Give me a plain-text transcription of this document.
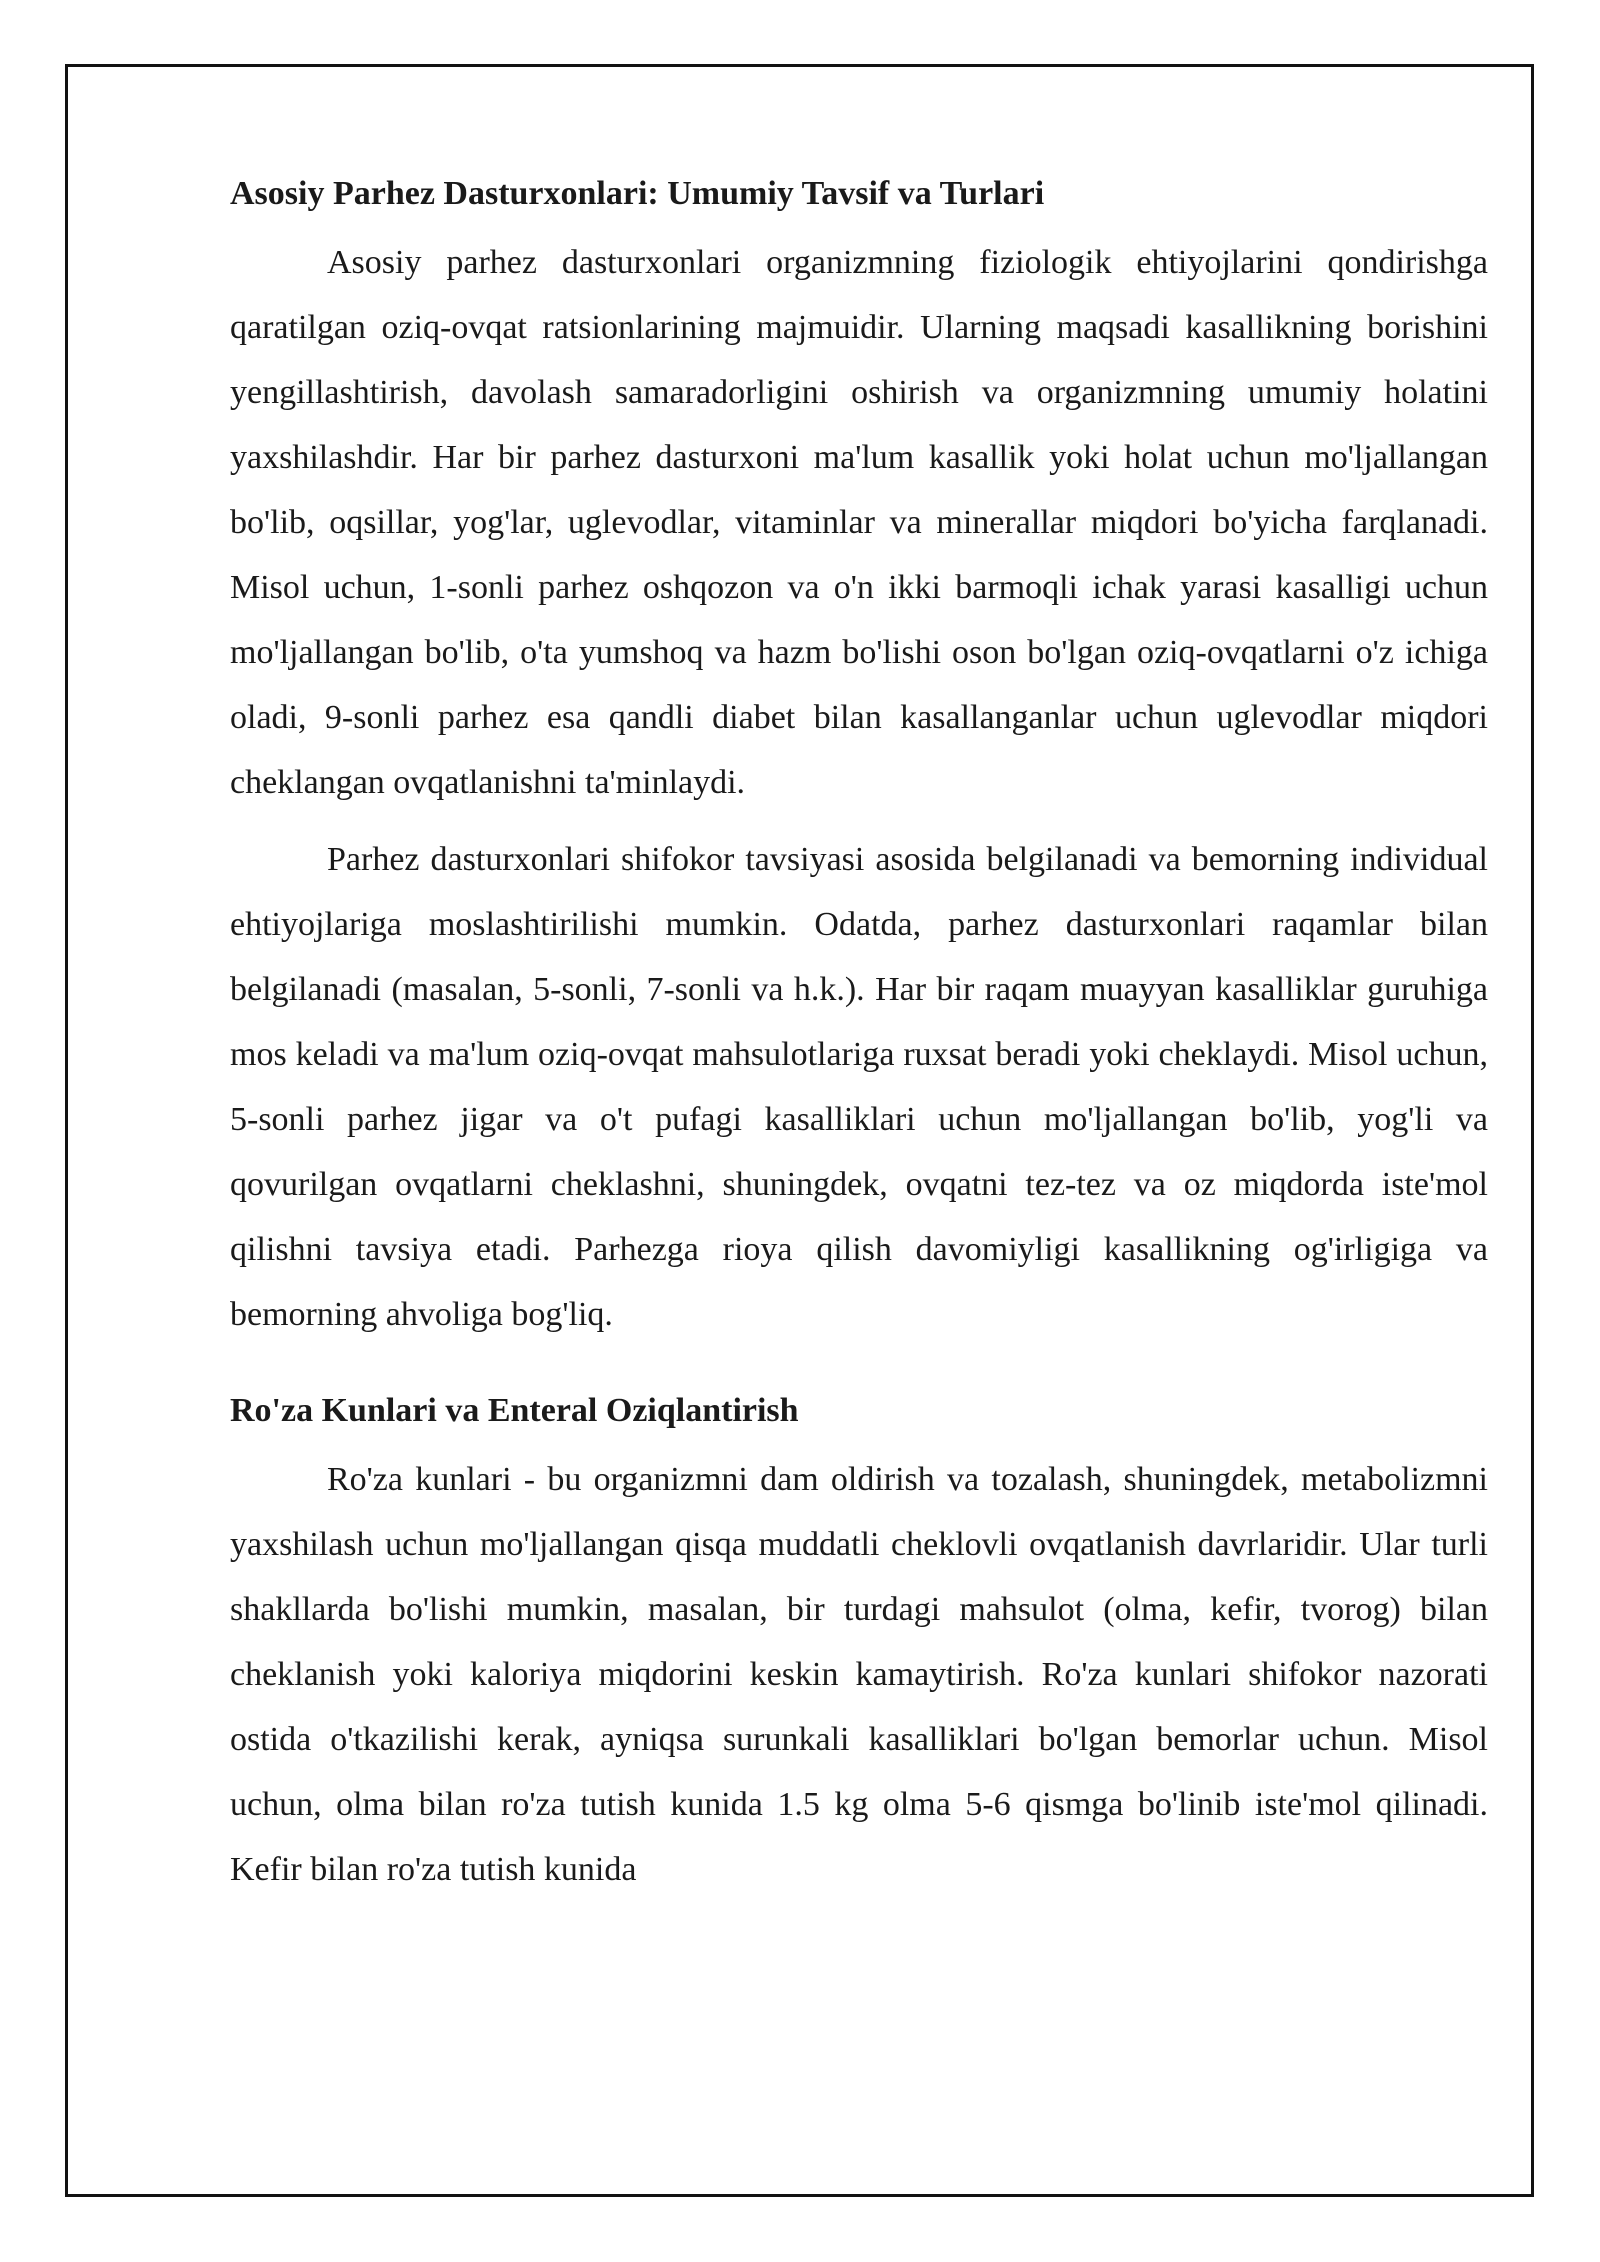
Asosiy Parhez Dasturxonlari: Umumiy Tavsif va Turlari

Asosiy parhez dasturxonlari organizmning fiziologik ehtiyojlarini qondirishga qaratilgan oziq-ovqat ratsionlarining majmuidir. Ularning maqsadi kasallikning borishini yengillashtirish, davolash samaradorligini oshirish va organizmning umumiy holatini yaxshilashdir. Har bir parhez dasturxoni ma'lum kasallik yoki holat uchun mo'ljallangan bo'lib, oqsillar, yog'lar, uglevodlar, vitaminlar va minerallar miqdori bo'yicha farqlanadi. Misol uchun, 1-sonli parhez oshqozon va o'n ikki barmoqli ichak yarasi kasalligi uchun mo'ljallangan bo'lib, o'ta yumshoq va hazm bo'lishi oson bo'lgan oziq-ovqatlarni o'z ichiga oladi, 9-sonli parhez esa qandli diabet bilan kasallanganlar uchun uglevodlar miqdori cheklangan ovqatlanishni ta'minlaydi.

Parhez dasturxonlari shifokor tavsiyasi asosida belgilanadi va bemorning individual ehtiyojlariga moslashtirilishi mumkin. Odatda, parhez dasturxonlari raqamlar bilan belgilanadi (masalan, 5-sonli, 7-sonli va h.k.). Har bir raqam muayyan kasalliklar guruhiga mos keladi va ma'lum oziq-ovqat mahsulotlariga ruxsat beradi yoki cheklaydi. Misol uchun, 5-sonli parhez jigar va o't pufagi kasalliklari uchun mo'ljallangan bo'lib, yog'li va qovurilgan ovqatlarni cheklashni, shuningdek, ovqatni tez-tez va oz miqdorda iste'mol qilishni tavsiya etadi. Parhezga rioya qilish davomiyligi kasallikning og'irligiga va bemorning ahvoliga bog'liq.

Ro'za Kunlari va Enteral Oziqlantirish

Ro'za kunlari - bu organizmni dam oldirish va tozalash, shuningdek, metabolizmni yaxshilash uchun mo'ljallangan qisqa muddatli cheklovli ovqatlanish davrlaridir. Ular turli shakllarda bo'lishi mumkin, masalan, bir turdagi mahsulot (olma, kefir, tvorog) bilan cheklanish yoki kaloriya miqdorini keskin kamaytirish. Ro'za kunlari shifokor nazorati ostida o'tkazilishi kerak, ayniqsa surunkali kasalliklari bo'lgan bemorlar uchun. Misol uchun, olma bilan ro'za tutish kunida 1.5 kg olma 5-6 qismga bo'linib iste'mol qilinadi. Kefir bilan ro'za tutish kunida
